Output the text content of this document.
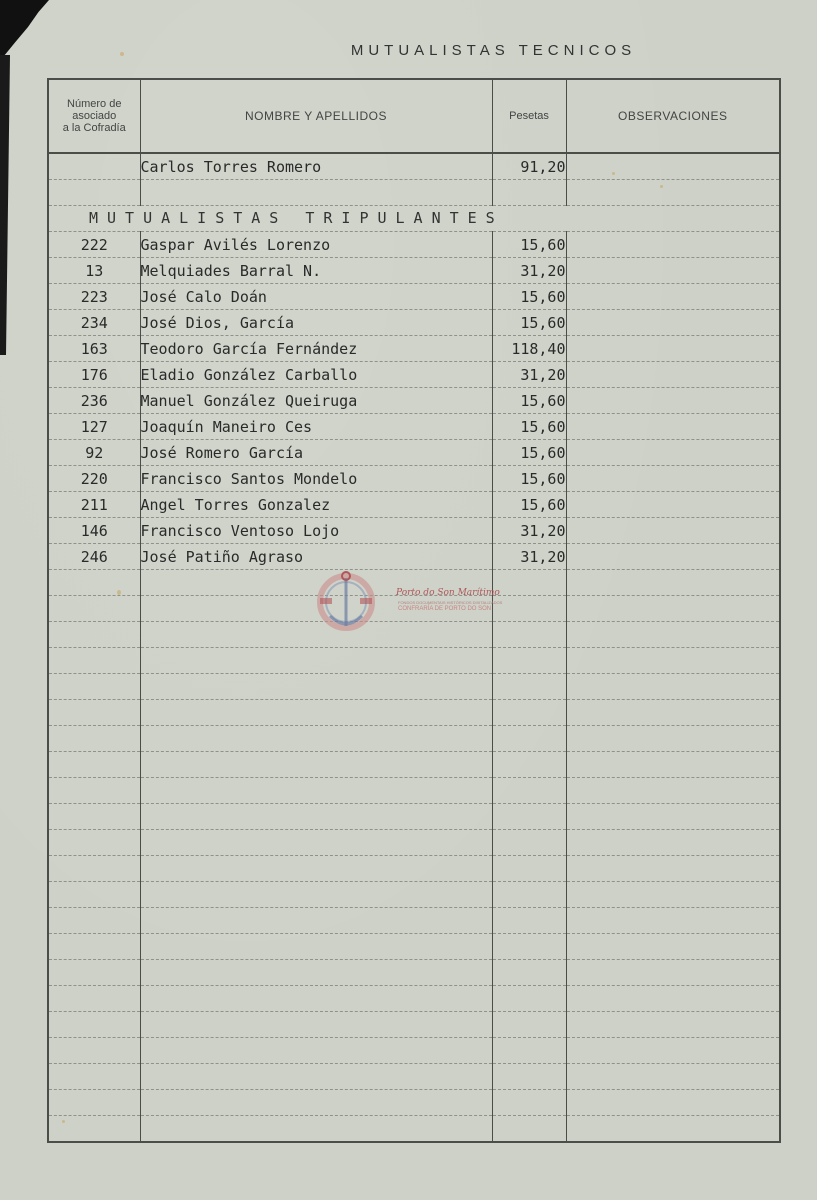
MUTUALISTAS TECNICOS
Número de
asociado
a la Cofradía	NOMBRE Y APELLIDOS	Pesetas	OBSERVACIONES
	Carlos Torres Romero	91,20	

MUTUALISTAS TRIPULANTES			

222	Gaspar Avilés Lorenzo	15,60	
13	Melquiades Barral N.	31,20	
223	José Calo Doán	15,60	
234	José Dios, García	15,60	
163	Teodoro García Fernández	118,40	
176	Eladio González Carballo	31,20	
236	Manuel González Queiruga	15,60	
127	Joaquín Maneiro Ces	15,60	
92	José Romero García	15,60	
220	Francisco Santos Mondelo	15,60	
211	Angel Torres Gonzalez	15,60	
146	Francisco Ventoso Lojo	31,20	
246	José Patiño Agraso	31,20	

Porto do Son Marítimo
FONDOS DOCUMENTAIS HISTÓRICOS DIXITALIZADOS
CONFRARÍA DE PORTO DO SON
